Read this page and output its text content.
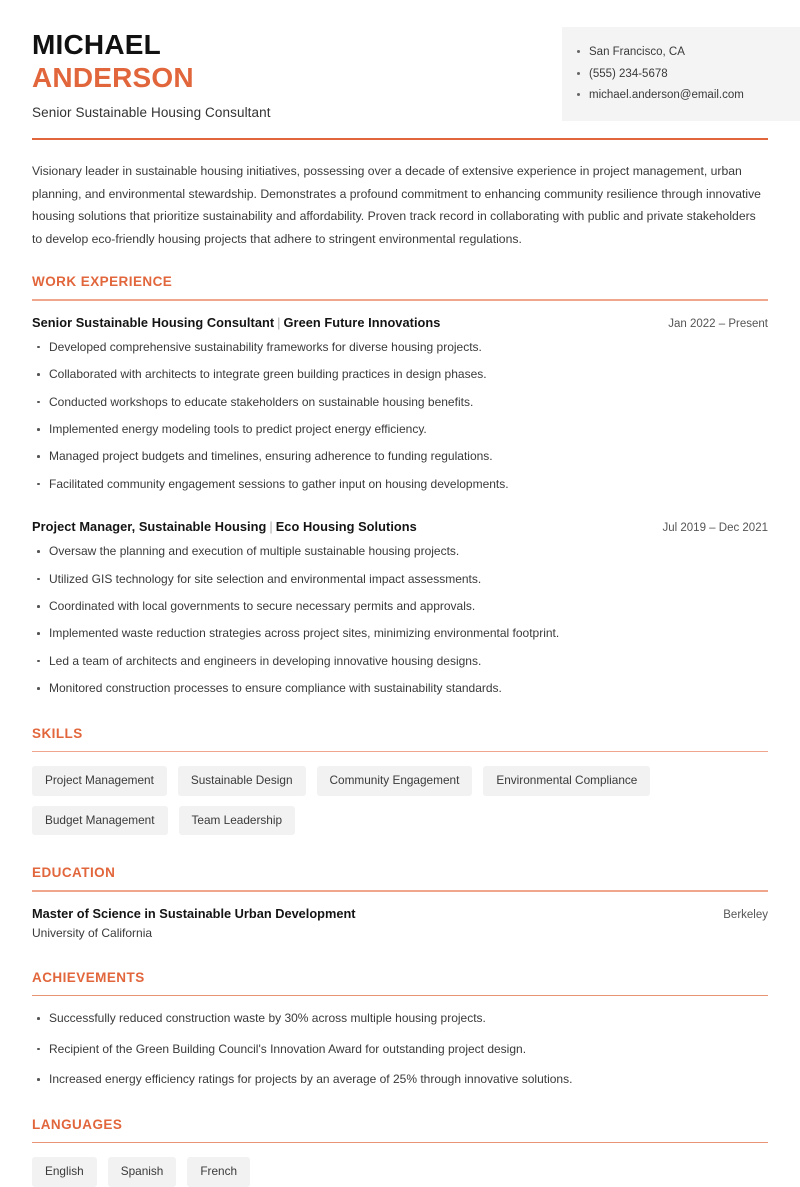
MICHAEL
ANDERSON
Senior Sustainable Housing Consultant
San Francisco, CA
(555) 234-5678
michael.anderson@email.com

Visionary leader in sustainable housing initiatives, possessing over a decade of extensive experience in project management, urban planning, and environmental stewardship. Demonstrates a profound commitment to enhancing community resilience through innovative housing solutions that prioritize sustainability and affordability. Proven track record in collaborating with public and private stakeholders to develop eco-friendly housing projects that adhere to stringent environmental regulations.

WORK EXPERIENCE
Senior Sustainable Housing Consultant | Green Future Innovations	Jan 2022 – Present
Developed comprehensive sustainability frameworks for diverse housing projects.
Collaborated with architects to integrate green building practices in design phases.
Conducted workshops to educate stakeholders on sustainable housing benefits.
Implemented energy modeling tools to predict project energy efficiency.
Managed project budgets and timelines, ensuring adherence to funding regulations.
Facilitated community engagement sessions to gather input on housing developments.
Project Manager, Sustainable Housing | Eco Housing Solutions	Jul 2019 – Dec 2021
Oversaw the planning and execution of multiple sustainable housing projects.
Utilized GIS technology for site selection and environmental impact assessments.
Coordinated with local governments to secure necessary permits and approvals.
Implemented waste reduction strategies across project sites, minimizing environmental footprint.
Led a team of architects and engineers in developing innovative housing designs.
Monitored construction processes to ensure compliance with sustainability standards.
SKILLS
Project Management	Sustainable Design	Community Engagement	Environmental Compliance
Budget Management	Team Leadership
EDUCATION
Master of Science in Sustainable Urban Development	Berkeley
University of California
ACHIEVEMENTS
Successfully reduced construction waste by 30% across multiple housing projects.
Recipient of the Green Building Council's Innovation Award for outstanding project design.
Increased energy efficiency ratings for projects by an average of 25% through innovative solutions.
LANGUAGES
English	Spanish	French
